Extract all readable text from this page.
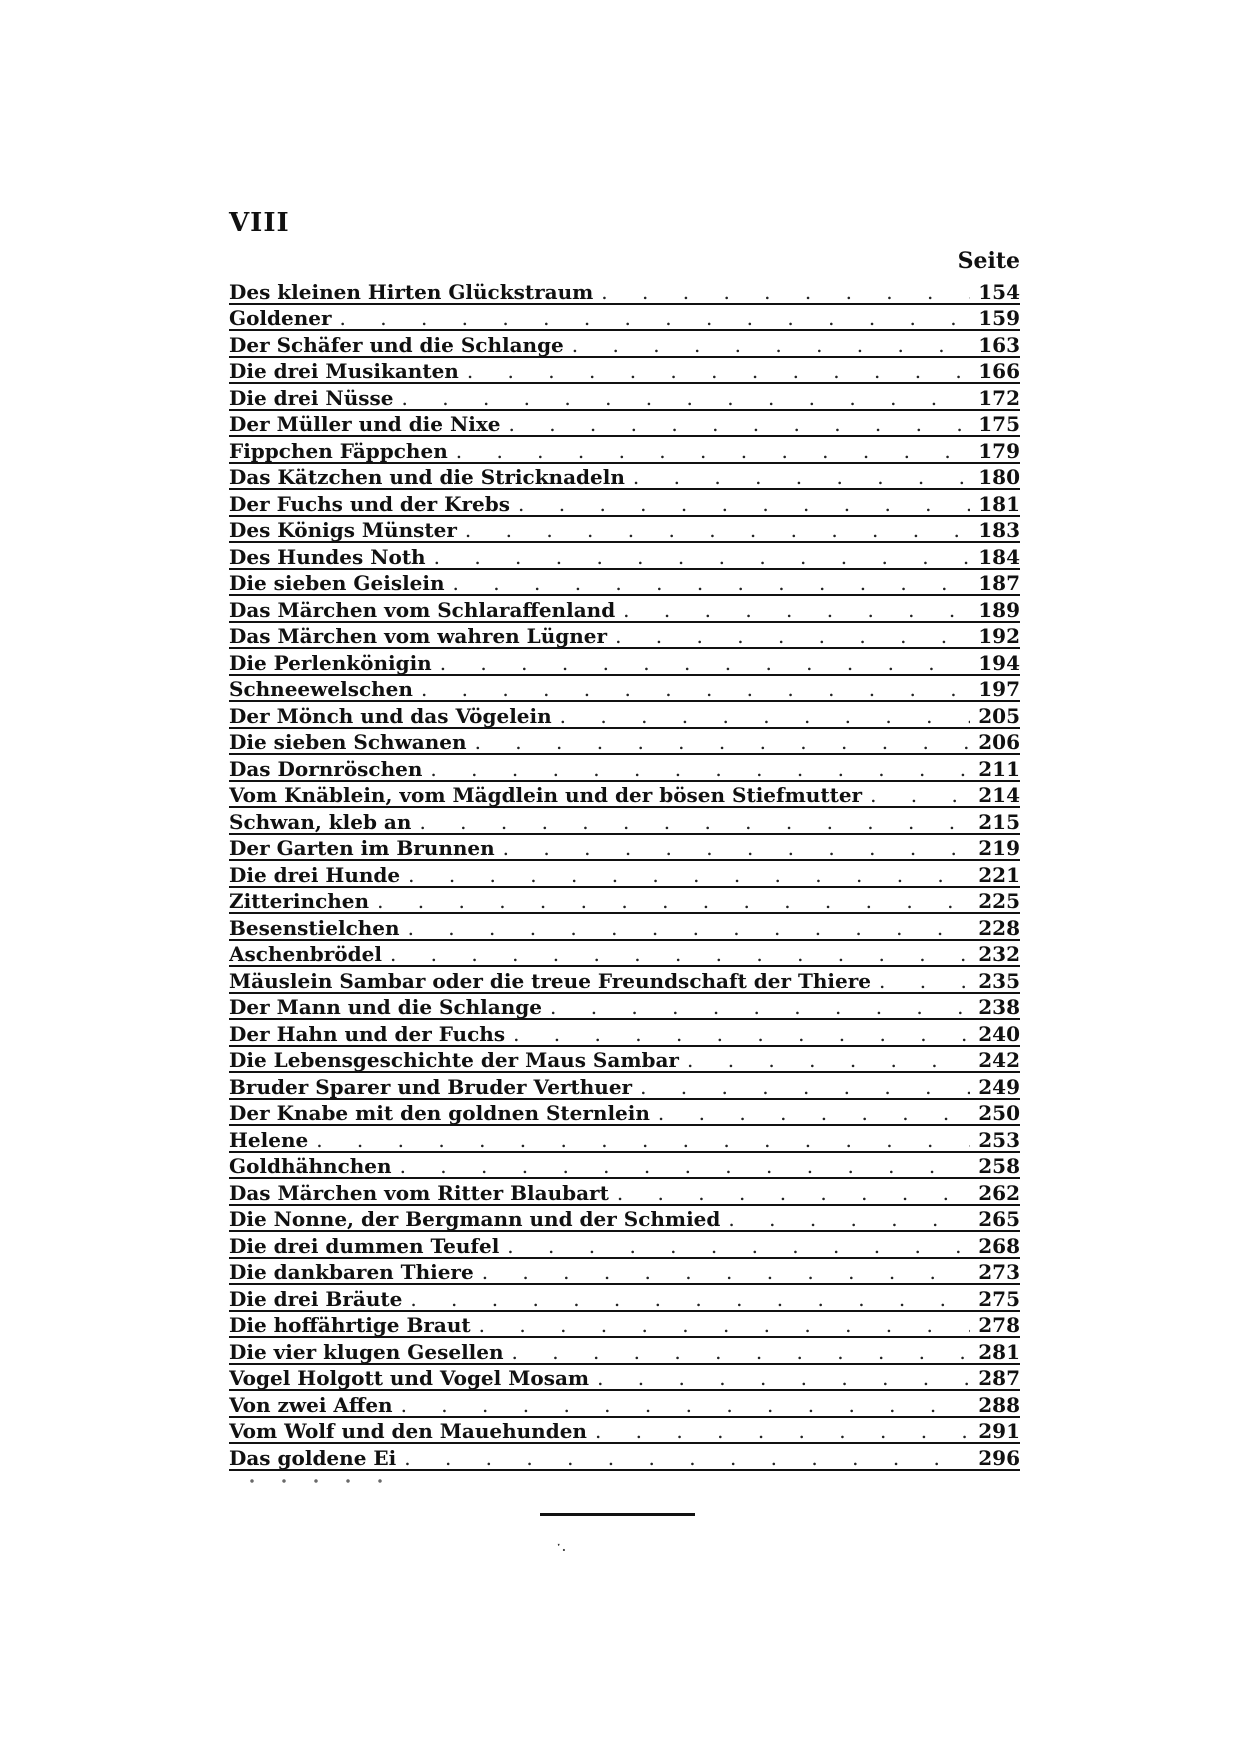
VIII
Seite
Des kleinen Hirten Glückstraum . . .	154
Goldener . . .	159
Der Schäfer und die Schlange . . .	163
Die drei Musikanten . . .	166
Die drei Nüsse . . .	172
Der Müller und die Nixe . . .	175
Fippchen Fäppchen . . .	179
Das Kätzchen und die Stricknadeln . . .	180
Der Fuchs und der Krebs . . .	181
Des Königs Münster . . .	183
Des Hundes Noth . . .	184
Die sieben Geislein . . .	187
Das Märchen vom Schlaraffenland . . .	189
Das Märchen vom wahren Lügner . . .	192
Die Perlenkönigin . . .	194
Schneewelschen . . .	197
Der Mönch und das Vögelein . . .	205
Die sieben Schwanen . . .	206
Das Dornröschen . . .	211
Vom Knäblein, vom Mägdlein und der bösen Stiefmutter . . .	214
Schwan, kleb an . . .	215
Der Garten im Brunnen . . .	219
Die drei Hunde . . .	221
Zitterinchen . . .	225
Besenstielchen . . .	228
Aschenbrödel . . .	232
Mäuslein Sambar oder die treue Freundschaft der Thiere . . .	235
Der Mann und die Schlange . . .	238
Der Hahn und der Fuchs . . .	240
Die Lebensgeschichte der Maus Sambar . . .	242
Bruder Sparer und Bruder Verthuer . . .	249
Der Knabe mit den goldnen Sternlein . . .	250
Helene . . .	253
Goldhähnchen . . .	258
Das Märchen vom Ritter Blaubart . . .	262
Die Nonne, der Bergmann und der Schmied . . .	265
Die drei dummen Teufel . . .	268
Die dankbaren Thiere . . .	273
Die drei Bräute . . .	275
Die hoffährtige Braut . . .	278
Die vier klugen Gesellen . . .	281
Vogel Holgott und Vogel Mosam . . .	287
Von zwei Affen . . .	288
Vom Wolf und den Mauehunden . . .	291
Das goldene Ei . . .	296
ˑ.
